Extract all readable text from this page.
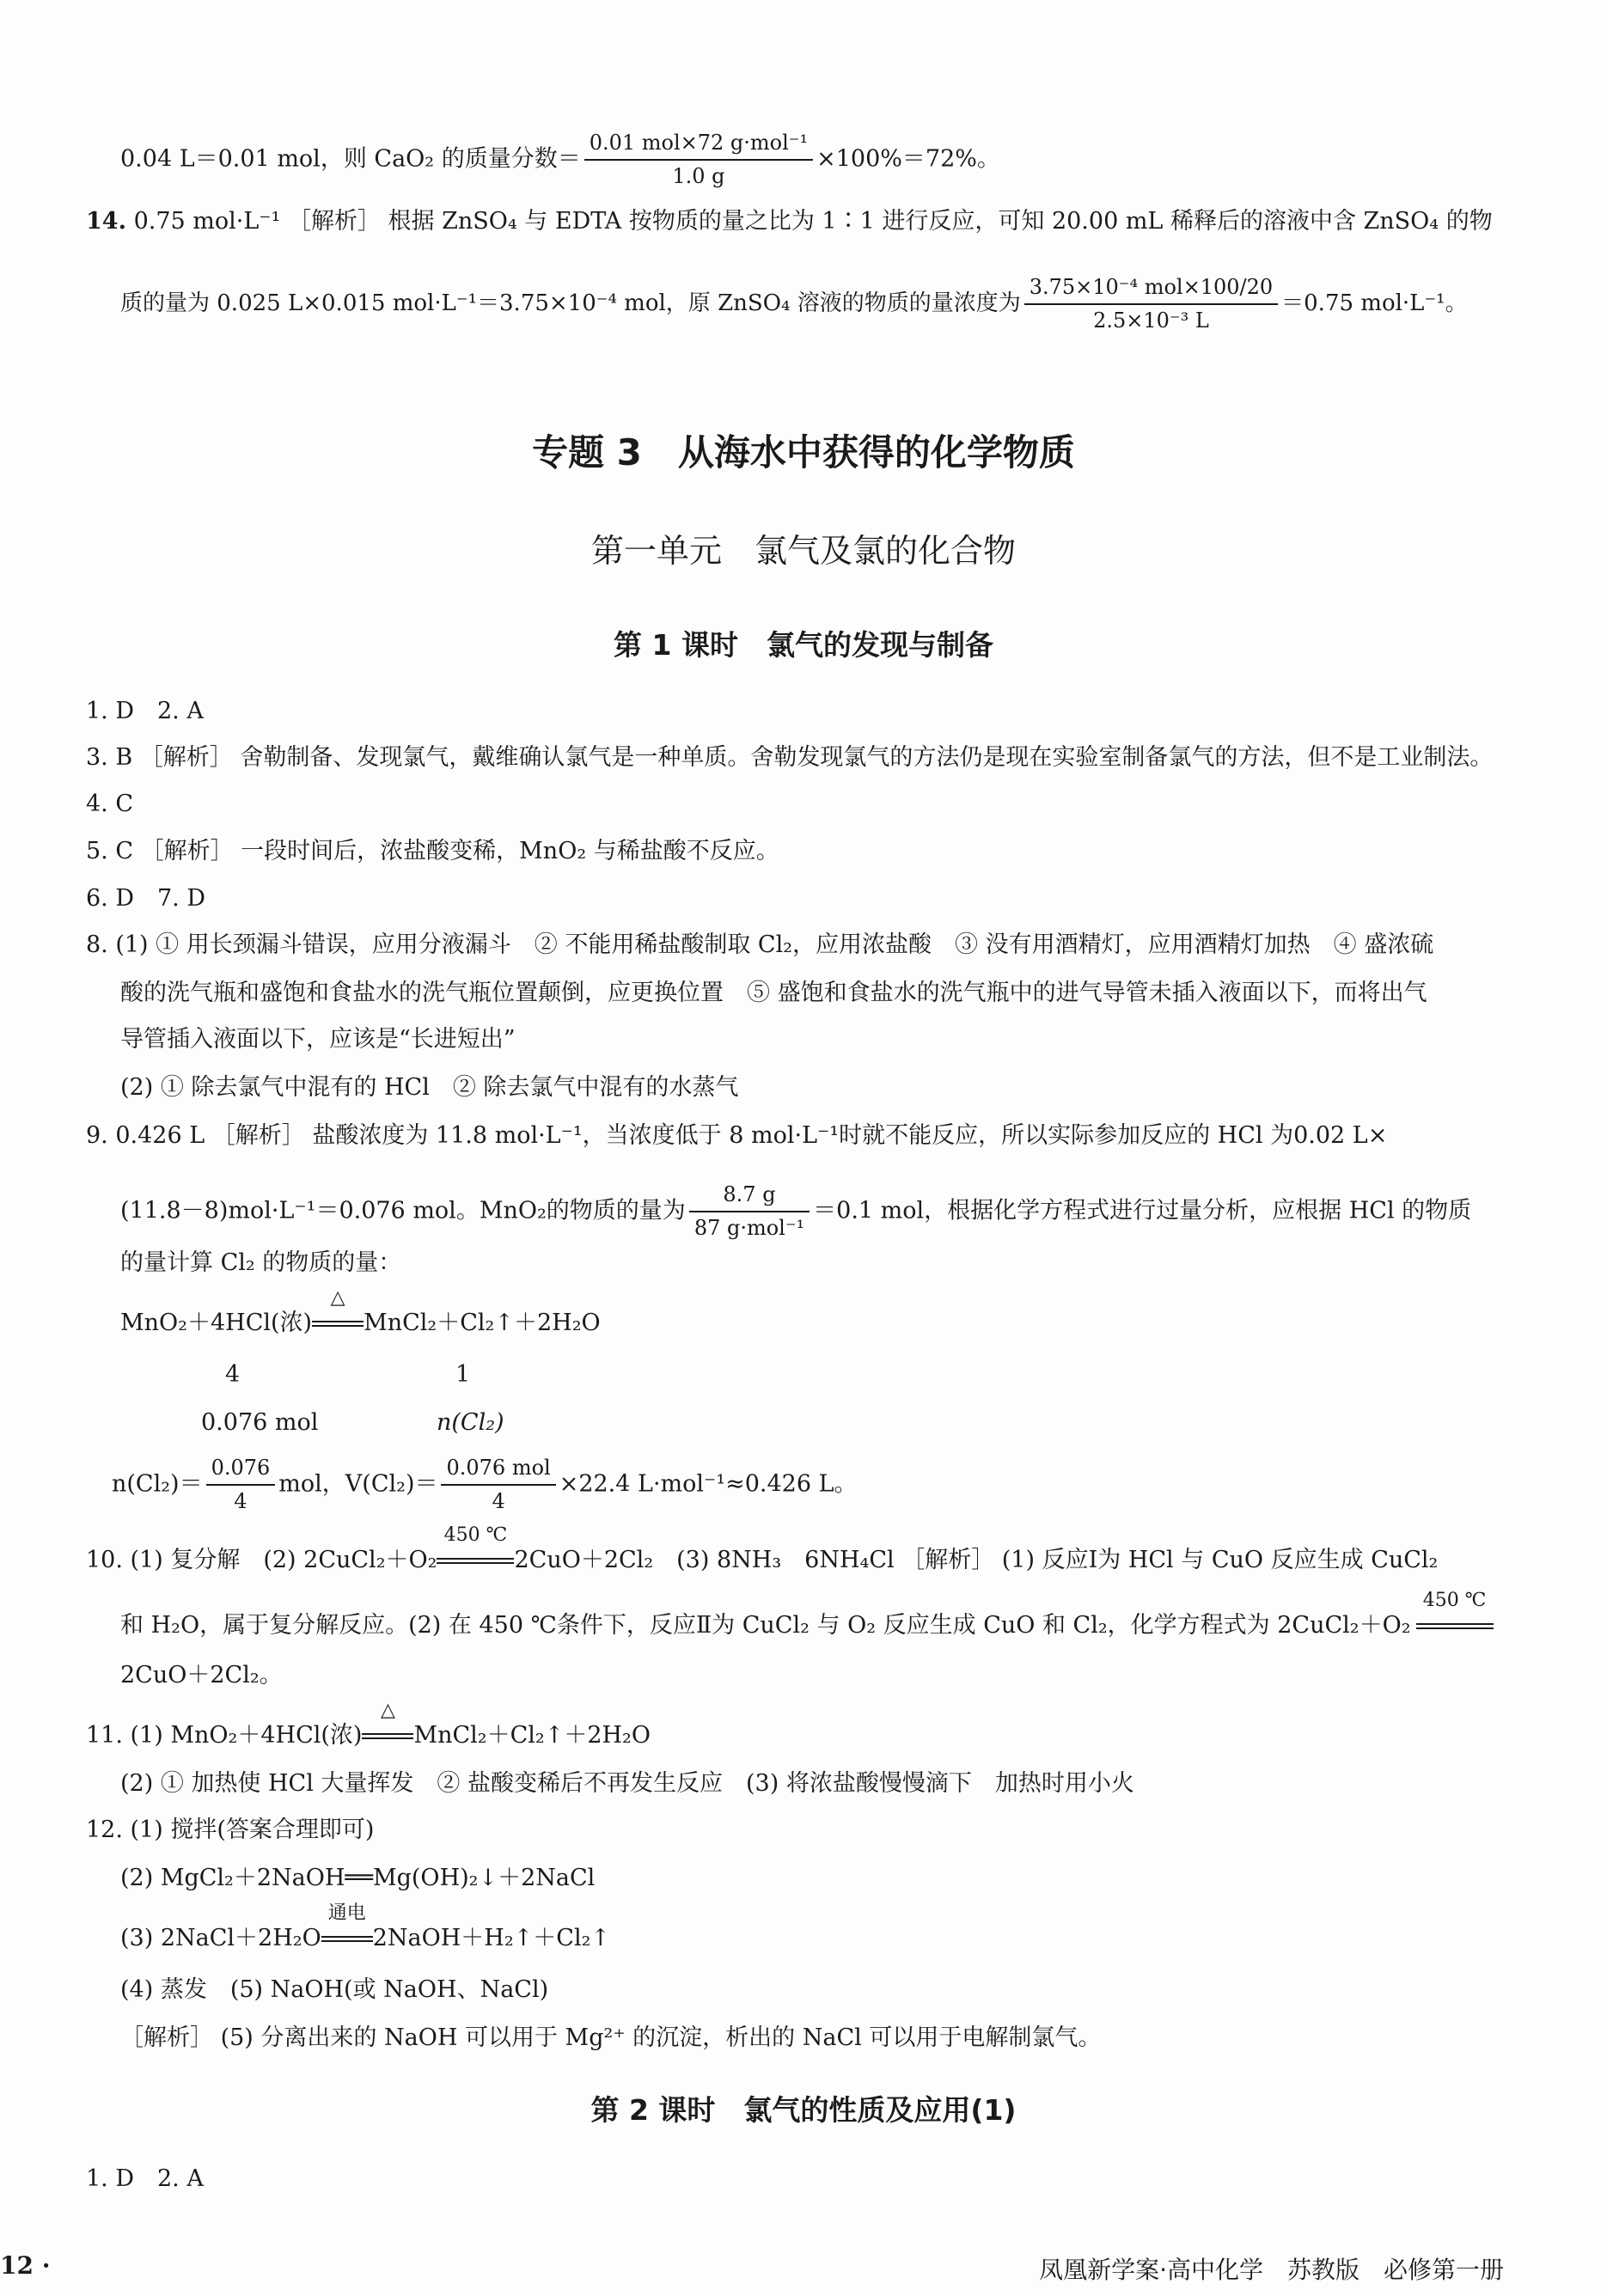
0.04 L＝0.01 mol，则 CaO₂ 的质量分数＝ $\frac{\text{0.01 mol×72 g·mol⁻¹}}{1.0 g} \times 100\%=72\%$。
14. 0.75 mol·L⁻¹ ［解析］ 根据 ZnSO₄ 与 EDTA 按物质的量之比为 1∶1 进行反应，可知 20.00 mL 稀释后的溶液中含 ZnSO₄ 的物
质的量为 0.025 L×0.015 mol·L⁻¹＝3.75×10⁻⁴ mol，原 ZnSO₄ 溶液的物质的量浓度为 $\frac{\text{3.75×10⁻⁴ mol×100/20}}{\text{2.5×10⁻³ L}} =0.75$ mol·L⁻¹。
专题 3　从海水中获得的化学物质
第一单元　氯气及氯的化合物
第 1 课时　氯气的发现与制备
1. D　2. A
3. B ［解析］ 舍勒制备、发现氯气，戴维确认氯气是一种单质。舍勒发现氯气的方法仍是现在实验室制备氯气的方法，但不是工业制法。
4. C
5. C ［解析］ 一段时间后，浓盐酸变稀，MnO₂ 与稀盐酸不反应。
6. D　7. D
8. (1) ① 用长颈漏斗错误，应用分液漏斗　② 不能用稀盐酸制取 Cl₂，应用浓盐酸　③ 没有用酒精灯，应用酒精灯加热　④ 盛浓硫
酸的洗气瓶和盛饱和食盐水的洗气瓶位置颠倒，应更换位置　⑤ 盛饱和食盐水的洗气瓶中的进气导管未插入液面以下，而将出气
导管插入液面以下，应该是“长进短出”
(2) ① 除去氯气中混有的 HCl　② 除去氯气中混有的水蒸气
9. 0.426 L ［解析］ 盐酸浓度为 11.8 mol·L⁻¹，当浓度低于 8 mol·L⁻¹时就不能反应，所以实际参加反应的 HCl 为0.02 L×
(11.8－8)mol·L⁻¹＝0.076 mol。MnO₂的物质的量为 $\frac{8.7 g}{\text{87 g·mol⁻¹}} =0.1$ mol，根据化学方程式进行过量分析，应根据 HCl 的物质
的量计算 Cl₂ 的物质的量：
MnO₂＋4HCl(浓)
△
MnCl₂＋Cl₂↑＋2H₂O
4	1
0.076 mol	n(Cl₂)
$n(Cl_2)= \frac{0.076}{4}$ mol，$V(Cl_2)= \frac{\text{0.076 mol}}{4} \times 22.4$ L·mol⁻¹≈0.426 L。
10. (1) 复分解　(2) 2CuCl₂＋O₂
450 ℃
2CuO＋2Cl₂　(3) 8NH₃　6NH₄Cl ［解析］ (1) 反应Ⅰ为 HCl 与 CuO 反应生成 CuCl₂
和 H₂O，属于复分解反应。(2) 在 450 ℃条件下，反应Ⅱ为 CuCl₂ 与 O₂ 反应生成 CuO 和 Cl₂，化学方程式为 2CuCl₂＋O₂
450 ℃
2CuO＋2Cl₂。
11. (1) MnO₂＋4HCl(浓)
△
MnCl₂＋Cl₂↑＋2H₂O
(2) ① 加热使 HCl 大量挥发　② 盐酸变稀后不再发生反应　(3) 将浓盐酸慢慢滴下　加热时用小火
12. (1) 搅拌(答案合理即可)
(2) MgCl₂＋2NaOH══Mg(OH)₂↓＋2NaCl
(3) 2NaCl＋2H₂O
通电
2NaOH＋H₂↑＋Cl₂↑
(4) 蒸发　(5) NaOH(或 NaOH、NaCl)
［解析］ (5) 分离出来的 NaOH 可以用于 Mg²⁺ 的沉淀，析出的 NaCl 可以用于电解制氯气。
第 2 课时　氯气的性质及应用(1)
1. D　2. A
12 ·	凤凰新学案·高中化学　苏教版　必修第一册
